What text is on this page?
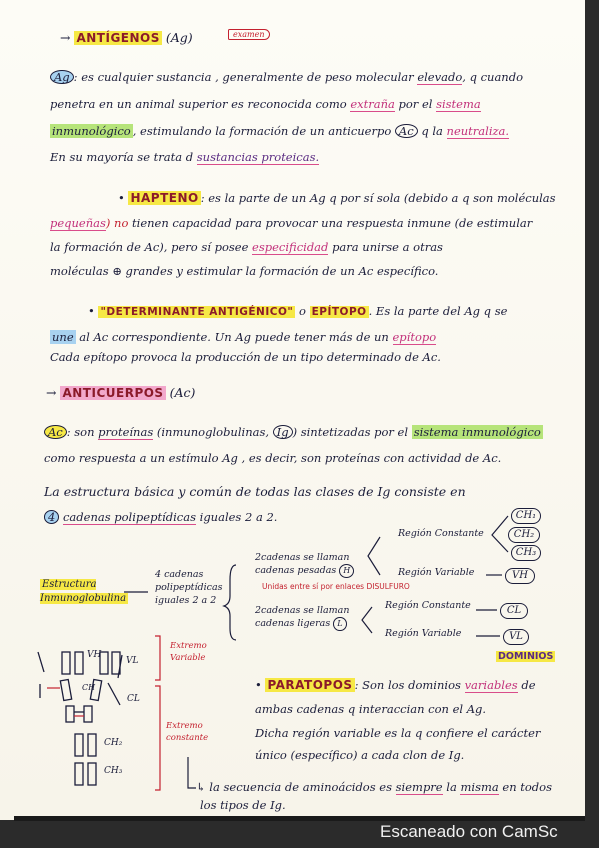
→ ANTÍGENOS (Ag)	examen
Ag : es cualquier sustancia , generalmente de peso molecular elevado, q cuando
penetra en un animal superior es reconocida como extraña por el sistema
inmunológico , estimulando la formación de un anticuerpo Ac q la neutraliza.
En su mayoría se trata d sustancias proteicas.
• HAPTENO : es la parte de un Ag q por sí sola (debido a q son moléculas
pequeñas) no tienen capacidad para provocar una respuesta inmune (de estimular
la formación de Ac), pero sí posee especificidad para unirse a otras
moléculas ⊕ grandes y estimular la formación de un Ac específico.
• "DETERMINANTE ANTIGÉNICO" o EPÍTOPO . Es la parte del Ag q se
une al Ac correspondiente. Un Ag puede tener más de un epítopo
Cada epítopo provoca la producción de un tipo determinado de Ac.
→ ANTICUERPOS (Ac)
Ac : son proteínas (inmunoglobulinas, Ig ) sintetizadas por el sistema inmunológico
como respuesta a un estímulo Ag , es decir, son proteínas con actividad de Ac.
La estructura básica y común de todas las clases de Ig consiste en
4 cadenas polipeptídicas iguales 2 a 2.
Estructura Inmunoglobulina
4 cadenas polipeptídicas iguales 2 a 2
2cadenas se llaman cadenas pesadas H
Unidas entre sí por enlaces DISULFURO
2cadenas se llaman cadenas ligeras L
Región Constante
Región Variable
Región Constante
Región Variable
CH₁
CH₂
CH₃
VH
CL
VL
DOMINIOS
VH
VL
CH
CL
CH₂
CH₃
Extremo Variable
Extremo constante
• PARATOPOS : Son los dominios variables de
ambas cadenas q interaccian con el Ag.
Dicha región variable es la q confiere el carácter
único (específico) a cada clon de Ig.
↳ la secuencia de aminoácidos es siempre la misma en todos
los tipos de Ig.
Escaneado con CamSc
